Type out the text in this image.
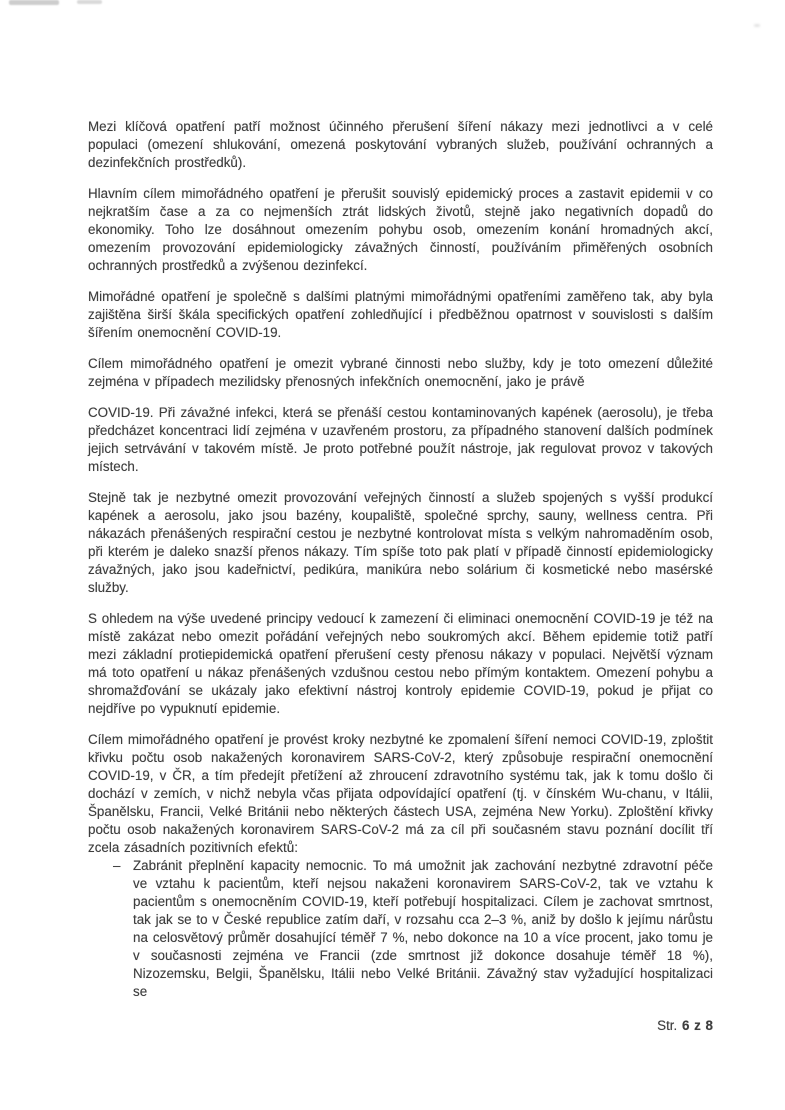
Mezi klíčová opatření patří možnost účinného přerušení šíření nákazy mezi jednotlivci a v celé populaci (omezení shlukování, omezená poskytování vybraných služeb, používání ochranných a dezinfekčních prostředků).

Hlavním cílem mimořádného opatření je přerušit souvislý epidemický proces a zastavit epidemii v co nejkratším čase a za co nejmenších ztrát lidských životů, stejně jako negativních dopadů do ekonomiky. Toho lze dosáhnout omezením pohybu osob, omezením konání hromadných akcí, omezením provozování epidemiologicky závažných činností, používáním přiměřených osobních ochranných prostředků a zvýšenou dezinfekcí.

Mimořádné opatření je společně s dalšími platnými mimořádnými opatřeními zaměřeno tak, aby byla zajištěna širší škála specifických opatření zohledňující i předběžnou opatrnost v souvislosti s dalším šířením onemocnění COVID-19.

Cílem mimořádného opatření je omezit vybrané činnosti nebo služby, kdy je toto omezení důležité zejména v případech mezilidsky přenosných infekčních onemocnění, jako je právě

COVID-19. Při závažné infekci, která se přenáší cestou kontaminovaných kapének (aerosolu), je třeba předcházet koncentraci lidí zejména v uzavřeném prostoru, za případného stanovení dalších podmínek jejich setrvávání v takovém místě. Je proto potřebné použít nástroje, jak regulovat provoz v takových místech.

Stejně tak je nezbytné omezit provozování veřejných činností a služeb spojených s vyšší produkcí kapének a aerosolu, jako jsou bazény, koupaliště, společné sprchy, sauny, wellness centra. Při nákazách přenášených respirační cestou je nezbytné kontrolovat místa s velkým nahromaděním osob, při kterém je daleko snazší přenos nákazy. Tím spíše toto pak platí v případě činností epidemiologicky závažných, jako jsou kadeřnictví, pedikúra, manikúra nebo solárium či kosmetické nebo masérské služby.

S ohledem na výše uvedené principy vedoucí k zamezení či eliminaci onemocnění COVID-19 je též na místě zakázat nebo omezit pořádání veřejných nebo soukromých akcí. Během epidemie totiž patří mezi základní protiepidemická opatření přerušení cesty přenosu nákazy v populaci. Největší význam má toto opatření u nákaz přenášených vzdušnou cestou nebo přímým kontaktem. Omezení pohybu a shromažďování se ukázaly jako efektivní nástroj kontroly epidemie COVID-19, pokud je přijat co nejdříve po vypuknutí epidemie.

Cílem mimořádného opatření je provést kroky nezbytné ke zpomalení šíření nemoci COVID-19, zploštit křivku počtu osob nakažených koronavirem SARS-CoV-2, který způsobuje respirační onemocnění COVID-19, v ČR, a tím předejít přetížení až zhroucení zdravotního systému tak, jak k tomu došlo či dochází v zemích, v nichž nebyla včas přijata odpovídající opatření (tj. v čínském Wu-chanu, v Itálii, Španělsku, Francii, Velké Británii nebo některých částech USA, zejména New Yorku). Zploštění křivky počtu osob nakažených koronavirem SARS-CoV-2 má za cíl při současném stavu poznání docílit tří zcela zásadních pozitivních efektů:

– Zabránit přeplnění kapacity nemocnic. To má umožnit jak zachování nezbytné zdravotní péče ve vztahu k pacientům, kteří nejsou nakaženi koronavirem SARS-CoV-2, tak ve vztahu k pacientům s onemocněním COVID-19, kteří potřebují hospitalizaci. Cílem je zachovat smrtnost, tak jak se to v České republice zatím daří, v rozsahu cca 2–3 %, aniž by došlo k jejímu nárůstu na celosvětový průměr dosahující téměř 7 %, nebo dokonce na 10 a více procent, jako tomu je v současnosti zejména ve Francii (zde smrtnost již dokonce dosahuje téměř 18 %), Nizozemsku, Belgii, Španělsku, Itálii nebo Velké Británii. Závažný stav vyžadující hospitalizaci se
Str. 6 z 8
